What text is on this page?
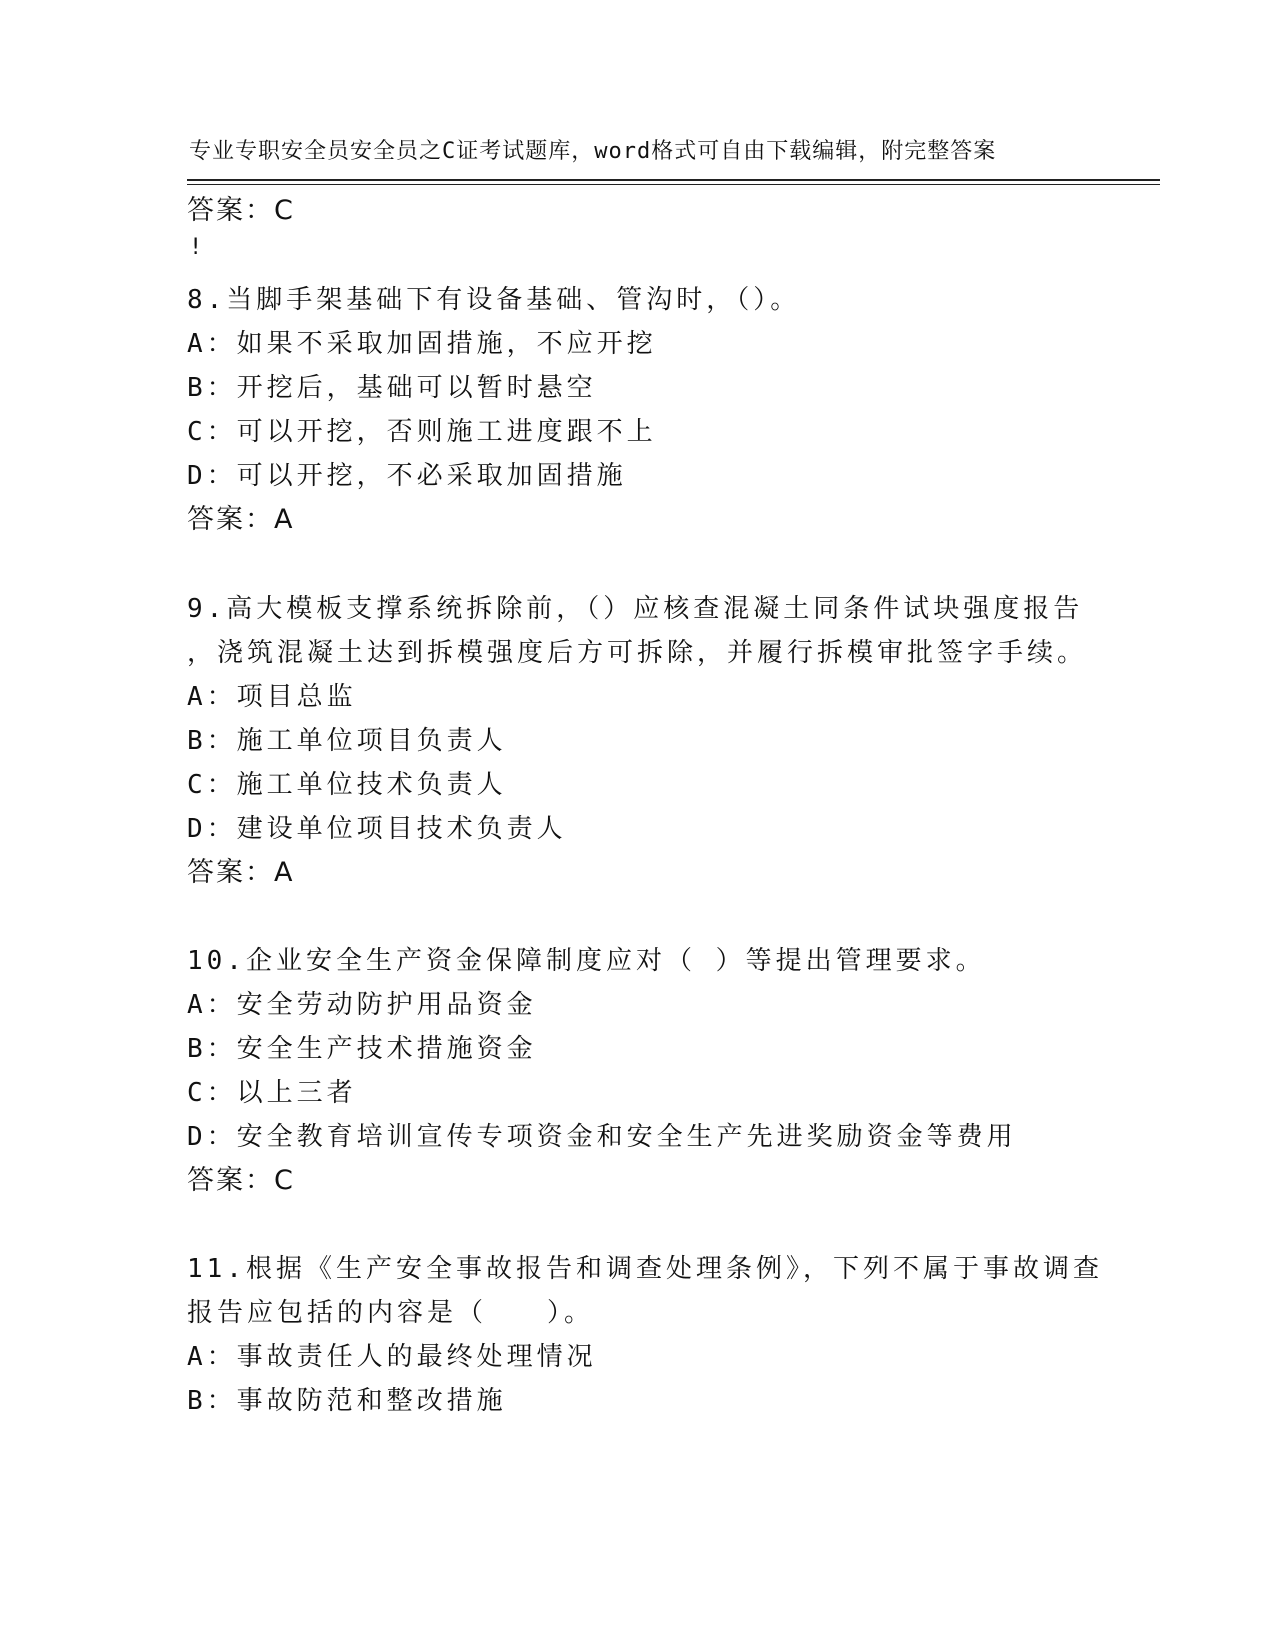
专业专职安全员安全员之C证考试题库，word格式可自由下载编辑，附完整答案

!

答案：C
8.当脚手架基础下有设备基础、管沟时，（）。
A：如果不采取加固措施，不应开挖
B：开挖后，基础可以暂时悬空
C：可以开挖，否则施工进度跟不上
D：可以开挖，不必采取加固措施
答案：A
9.高大模板支撑系统拆除前，（）应核查混凝土同条件试块强度报告
，浇筑混凝土达到拆模强度后方可拆除，并履行拆模审批签字手续。
A：项目总监
B：施工单位项目负责人
C：施工单位技术负责人
D：建设单位项目技术负责人
答案：A
10.企业安全生产资金保障制度应对（ ）等提出管理要求。
A：安全劳动防护用品资金
B：安全生产技术措施资金
C：以上三者
D：安全教育培训宣传专项资金和安全生产先进奖励资金等费用
答案：C
11.根据《生产安全事故报告和调查处理条例》，下列不属于事故调查
报告应包括的内容是（　　）。
A：事故责任人的最终处理情况
B：事故防范和整改措施
